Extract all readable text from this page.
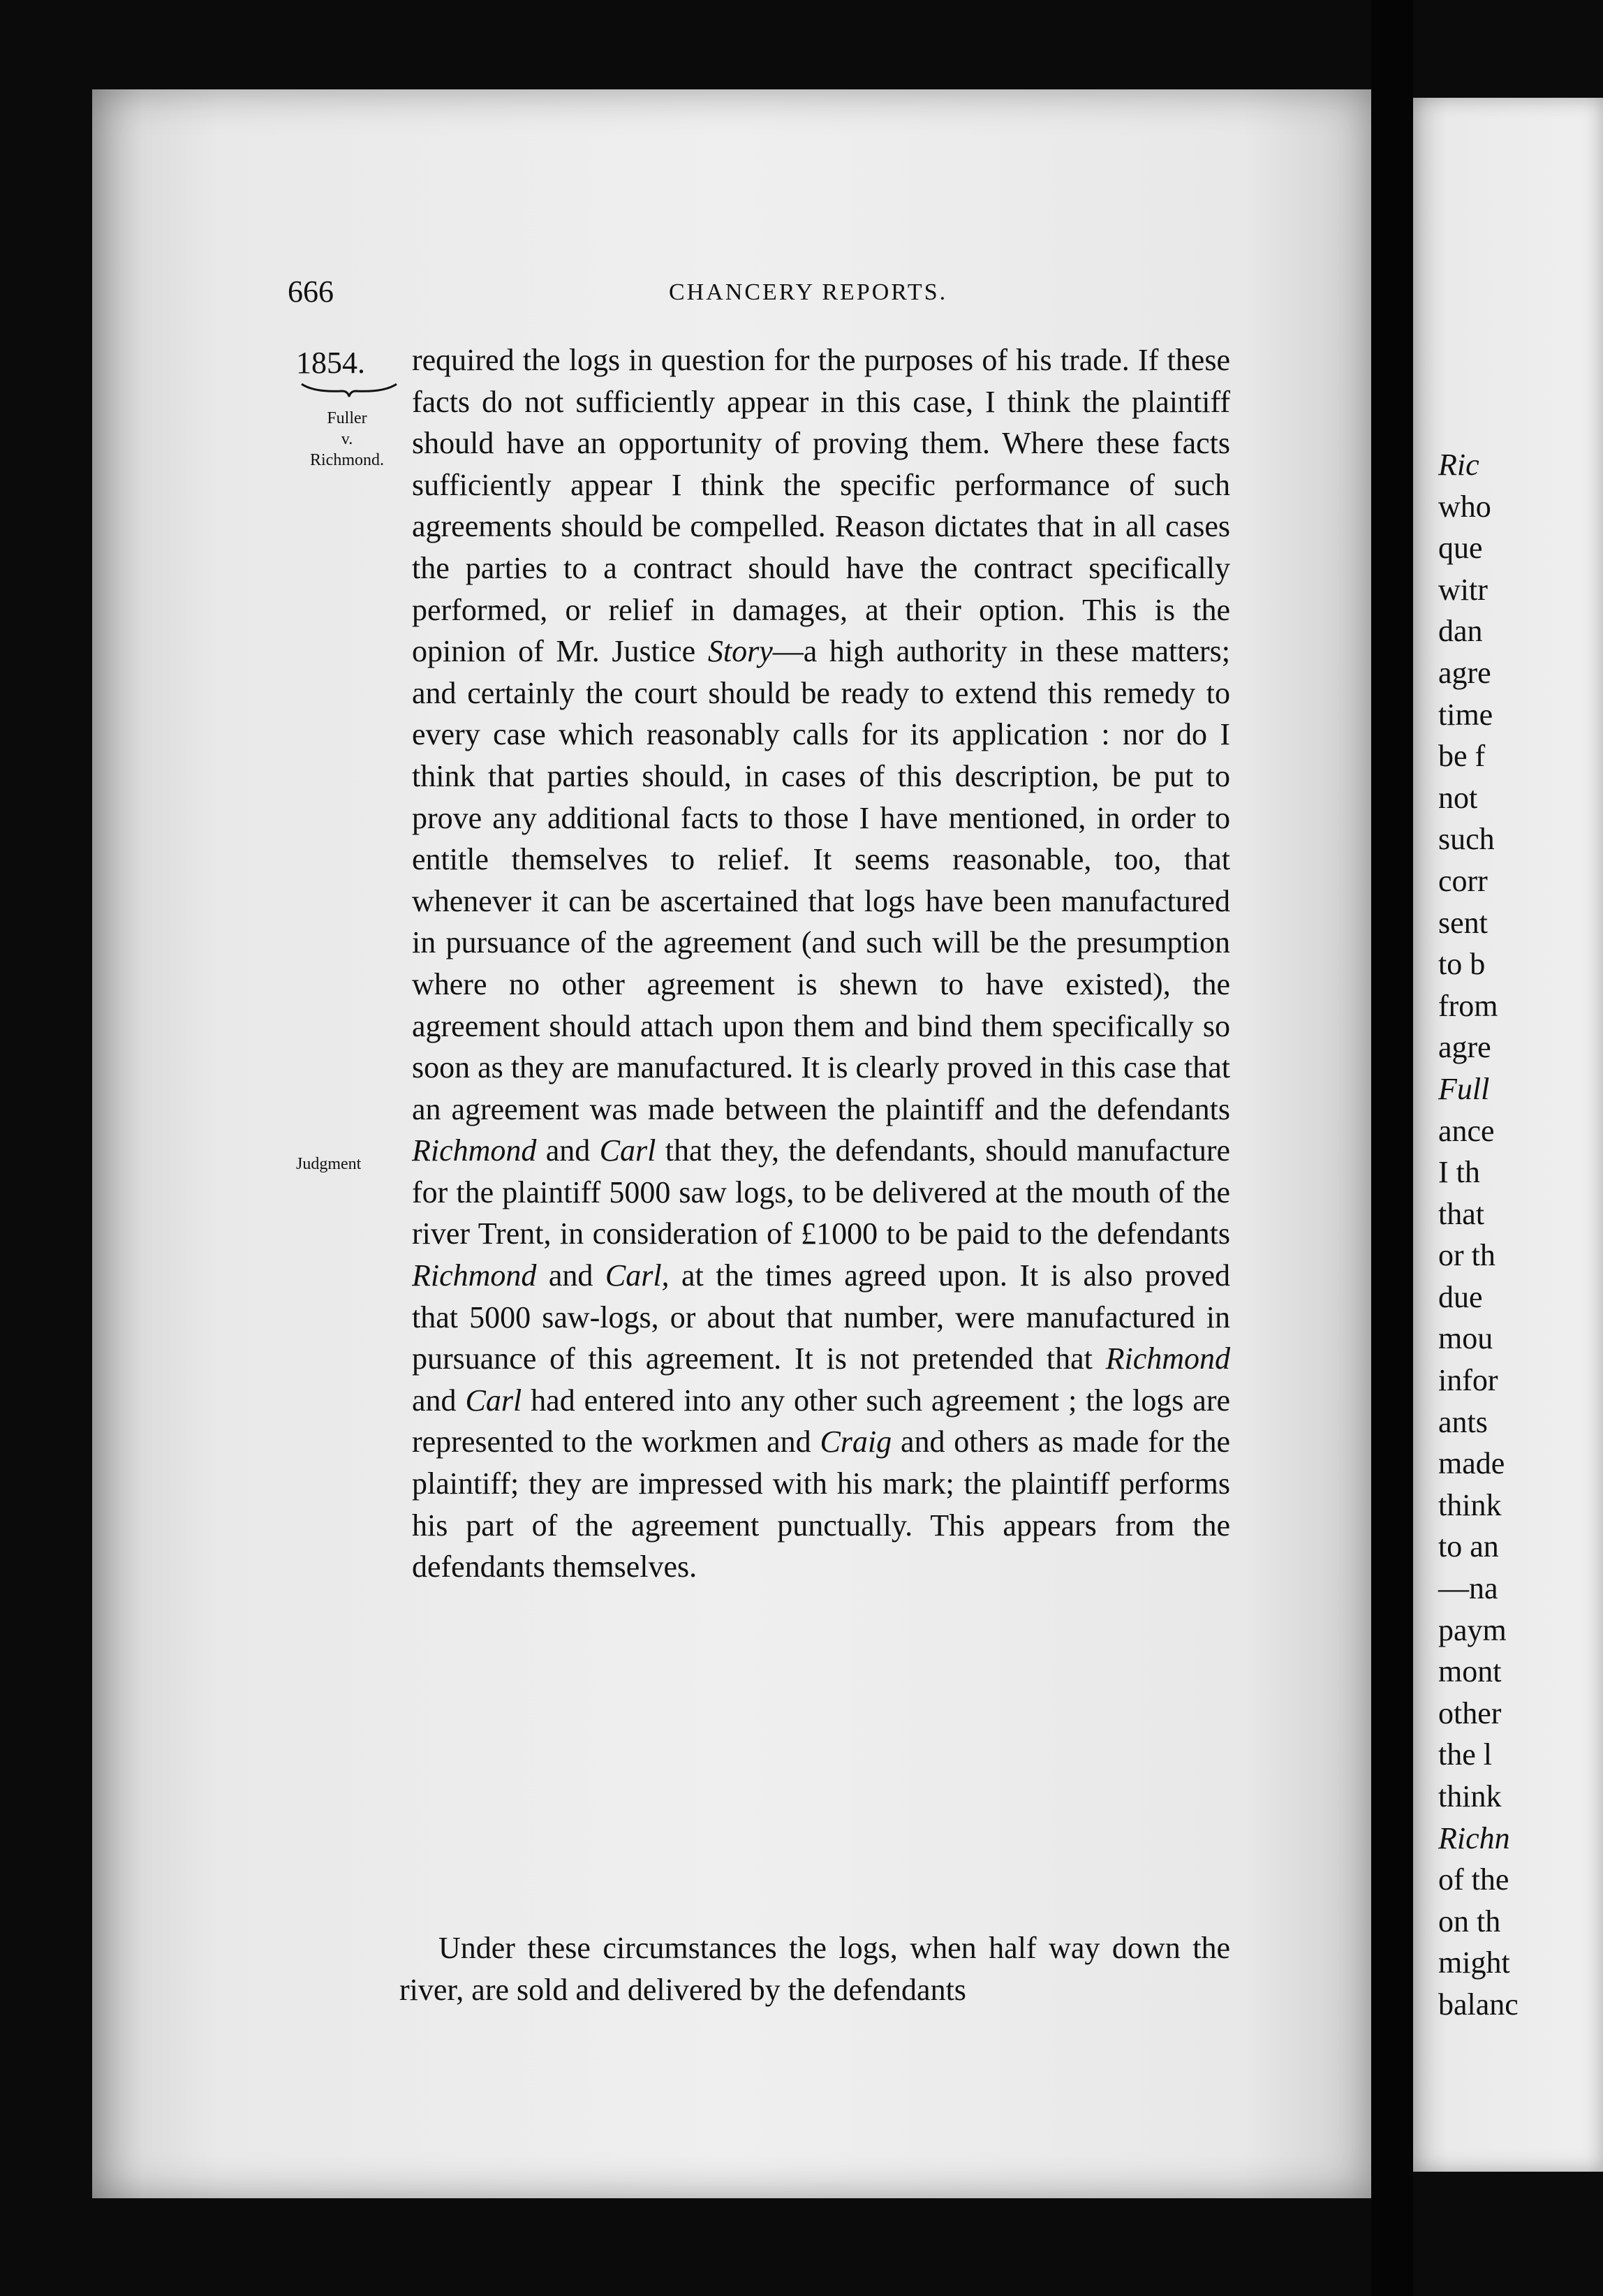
666	CHANCERY REPORTS.
1854.
Fuller
v.
Richmond.
Judgment

required the logs in question for the purposes of his trade. If these facts do not sufficiently appear in this case, I think the plaintiff should have an opportunity of proving them. Where these facts sufficiently appear I think the specific performance of such agreements should be compelled. Reason dictates that in all cases the parties to a contract should have the contract specifically performed, or relief in damages, at their option. This is the opinion of Mr. Justice Story—a high authority in these matters; and certainly the court should be ready to extend this remedy to every case which reasonably calls for its application : nor do I think that parties should, in cases of this description, be put to prove any additional facts to those I have mentioned, in order to entitle themselves to relief. It seems reasonable, too, that whenever it can be ascertained that logs have been manufactured in pursuance of the agreement (and such will be the presumption where no other agreement is shewn to have existed), the agreement should attach upon them and bind them specifically so soon as they are manufactured. It is clearly proved in this case that an agreement was made between the plaintiff and the defendants Richmond and Carl that they, the defendants, should manufacture for the plaintiff 5000 saw logs, to be delivered at the mouth of the river Trent, in consideration of £1000 to be paid to the defendants Richmond and Carl, at the times agreed upon. It is also proved that 5000 saw-logs, or about that number, were manufactured in pursuance of this agreement. It is not pretended that Richmond and Carl had entered into any other such agreement ; the logs are represented to the workmen and Craig and others as made for the plaintiff; they are impressed with his mark; the plaintiff performs his part of the agreement punctually. This appears from the defendants themselves.

Under these circumstances the logs, when half way down the river, are sold and delivered by the defendants

Ric
who
que
witr
dan
agre
time
be f
not
such
corr
sent
to b
from
agre
Full
ance
I th
that
or th
due
mou
infor
ants
made
think
to an
—na
paym
mont
other
the l
think
Richn
of the
on th
might
balanc
